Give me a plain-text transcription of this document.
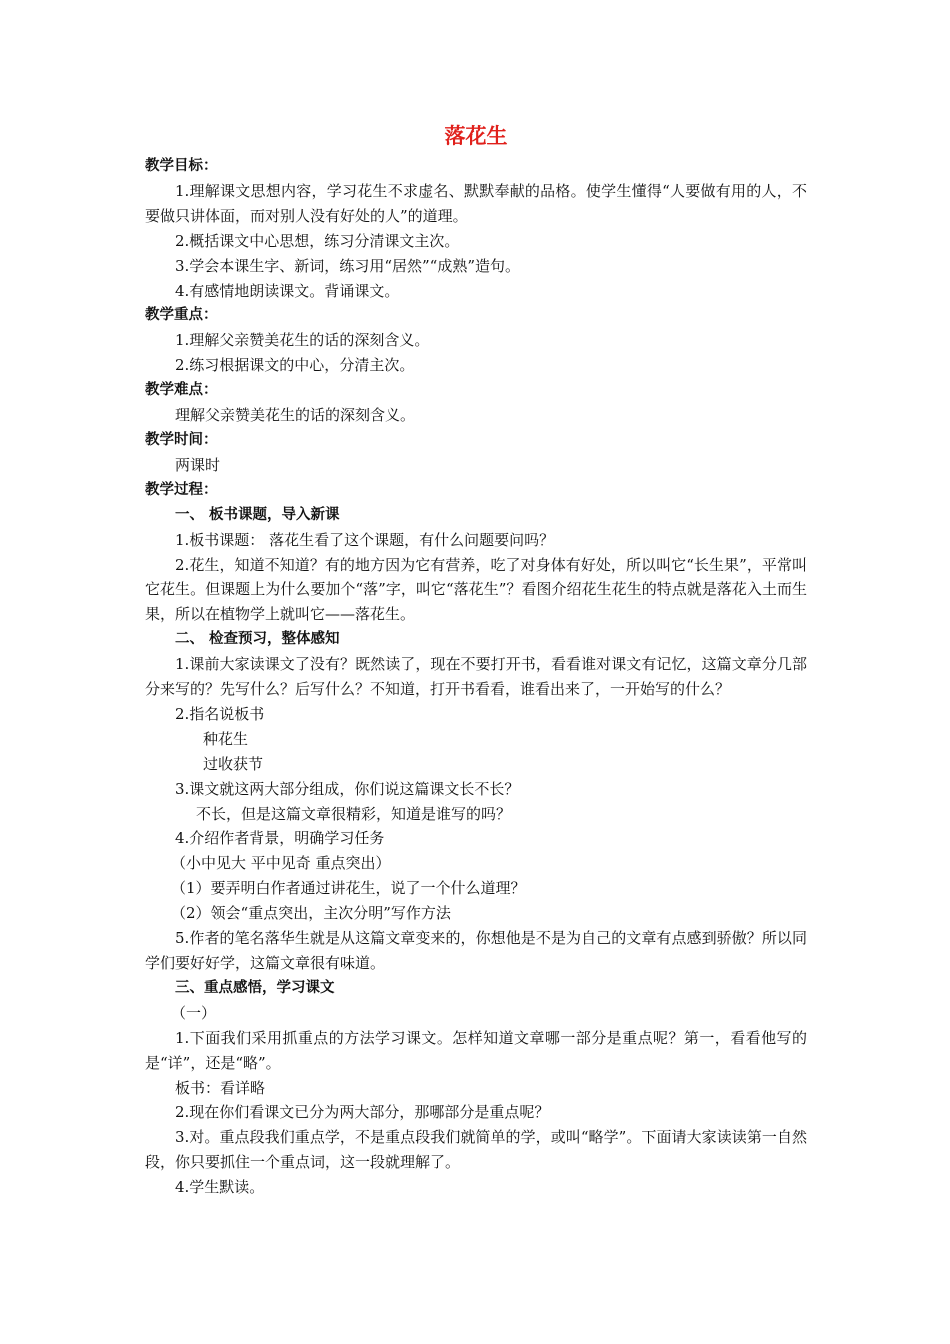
落花生
教学目标：
1.理解课文思想内容，学习花生不求虚名、默默奉献的品格。使学生懂得“人要做有用的人，不要做只讲体面，而对别人没有好处的人”的道理。
2.概括课文中心思想，练习分清课文主次。
3.学会本课生字、新词，练习用“居然”“成熟”造句。
4.有感情地朗读课文。背诵课文。
教学重点：
1.理解父亲赞美花生的话的深刻含义。
2.练习根据课文的中心，分清主次。
教学难点：
理解父亲赞美花生的话的深刻含义。
教学时间：
两课时
教学过程：
一、 板书课题，导入新课
1.板书课题： 落花生看了这个课题，有什么问题要问吗？
2.花生，知道不知道？有的地方因为它有营养，吃了对身体有好处，所以叫它“长生果”，平常叫它花生。但课题上为什么要加个“落”字，叫它“落花生”？看图介绍花生花生的特点就是落花入土而生果，所以在植物学上就叫它——落花生。
二、 检查预习，整体感知
1.课前大家读课文了没有？既然读了，现在不要打开书，看看谁对课文有记忆，这篇文章分几部分来写的？先写什么？后写什么？不知道，打开书看看，谁看出来了，一开始写的什么？
2.指名说板书
种花生
过收获节
3.课文就这两大部分组成，你们说这篇课文长不长？
不长，但是这篇文章很精彩，知道是谁写的吗？
4.介绍作者背景，明确学习任务
（小中见大 平中见奇 重点突出）
（1）要弄明白作者通过讲花生，说了一个什么道理？
（2）领会“重点突出，主次分明”写作方法
5.作者的笔名落华生就是从这篇文章变来的，你想他是不是为自己的文章有点感到骄傲？所以同学们要好好学，这篇文章很有味道。
三、重点感悟，学习课文
（一）
1.下面我们采用抓重点的方法学习课文。怎样知道文章哪一部分是重点呢？第一，看看他写的是“详”，还是“略”。
板书：看详略
2.现在你们看课文已分为两大部分，那哪部分是重点呢？
3.对。重点段我们重点学，不是重点段我们就简单的学，或叫“略学”。下面请大家读读第一自然段，你只要抓住一个重点词，这一段就理解了。
4.学生默读。
